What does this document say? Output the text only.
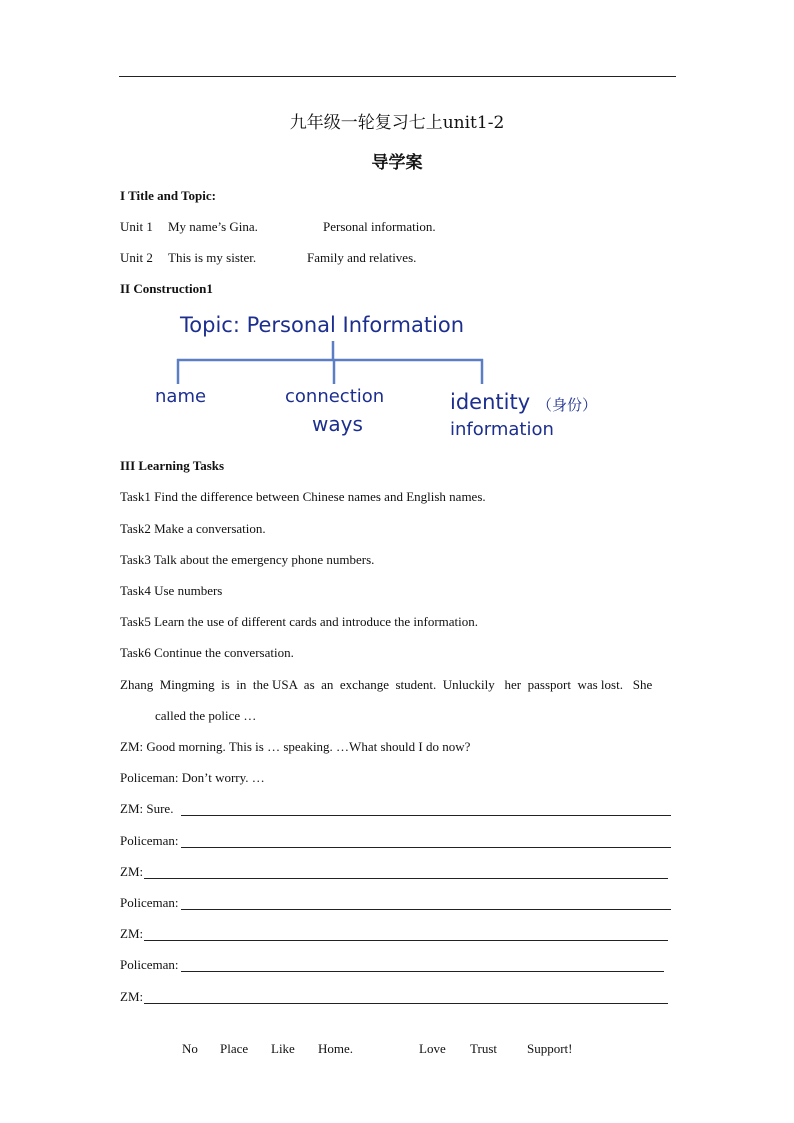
九年级一轮复习七上unit1-2
导学案
I Title and Topic:
Unit 1 My name’s Gina.	Personal information.
Unit 2 This is my sister.	Family and relatives.
II Construction1
Topic: Personal Information
name	connection
ways
identity （身份）
information
III Learning Tasks
Task1 Find the difference between Chinese names and English names.
Task2 Make a conversation.
Task3 Talk about the emergency phone numbers.
Task4 Use numbers
Task5 Learn the use of different cards and introduce the information.
Task6 Continue the conversation.
Zhang  Mingming  is  in  the USA  as  an  exchange  student.  Unluckily   her  passport  was lost.   She
called the police …
ZM: Good morning. This is … speaking. …What should I do now?
Policeman: Don’t worry. …
ZM: Sure.
Policeman:
ZM:
Policeman:
ZM:
Policeman:
ZM:
No Place Like Home.	Love Trust Support!
